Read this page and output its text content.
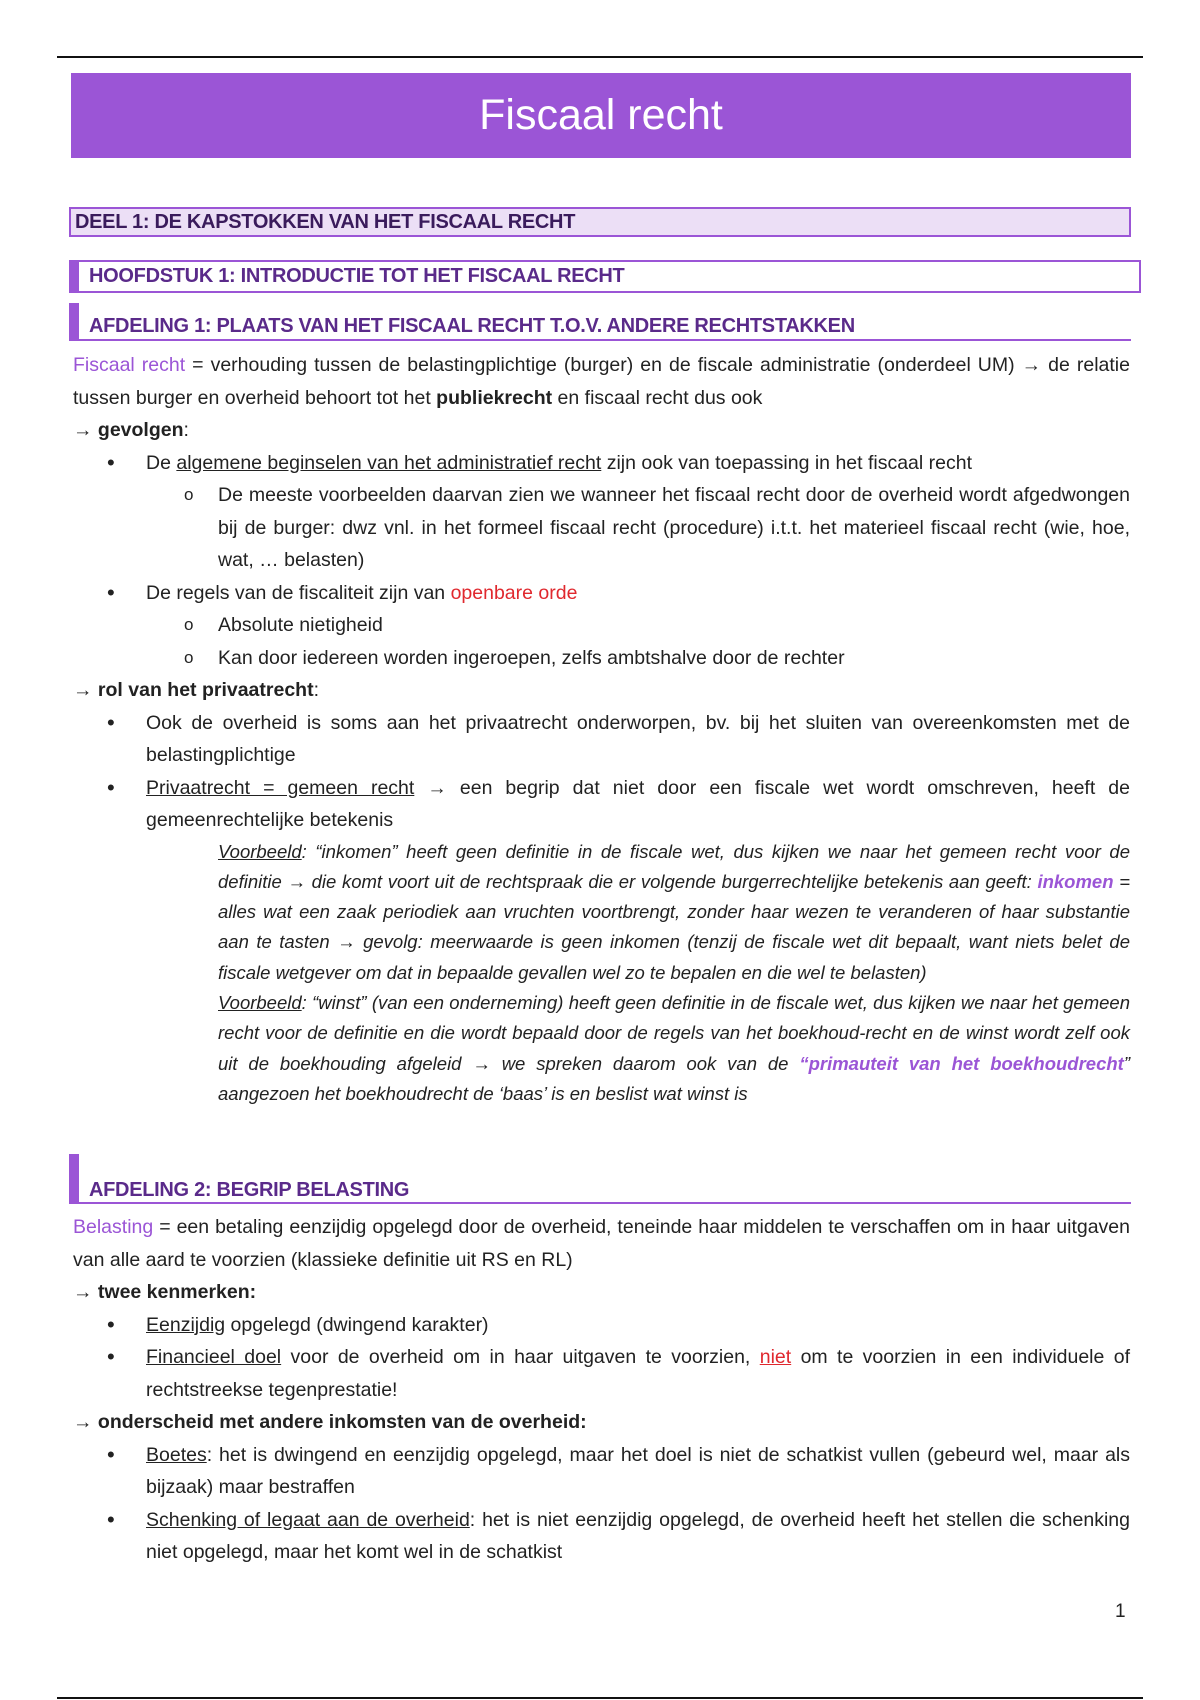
Fiscaal recht
DEEL 1: DE KAPSTOKKEN VAN HET FISCAAL RECHT
HOOFDSTUK 1: INTRODUCTIE TOT HET FISCAAL RECHT
AFDELING 1: PLAATS VAN HET FISCAAL RECHT T.O.V. ANDERE RECHTSTAKKEN

Fiscaal recht = verhouding tussen de belastingplichtige (burger) en de fiscale administratie (onderdeel UM) → de relatie tussen burger en overheid behoort tot het publiekrecht en fiscaal recht dus ook

→ gevolgen:

• De algemene beginselen van het administratief recht zijn ook van toepassing in het fiscaal recht
o De meeste voorbeelden daarvan zien we wanneer het fiscaal recht door de overheid wordt afgedwongen bij de burger: dwz vnl. in het formeel fiscaal recht (procedure) i.t.t. het materieel fiscaal recht (wie, hoe, wat, … belasten)
• De regels van de fiscaliteit zijn van openbare orde
o Absolute nietigheid
o Kan door iedereen worden ingeroepen, zelfs ambtshalve door de rechter

→ rol van het privaatrecht:

• Ook de overheid is soms aan het privaatrecht onderworpen, bv. bij het sluiten van overeenkomsten met de belastingplichtige
• Privaatrecht = gemeen recht → een begrip dat niet door een fiscale wet wordt omschreven, heeft de gemeenrechtelijke betekenis

Voorbeeld: “inkomen” heeft geen definitie in de fiscale wet, dus kijken we naar het gemeen recht voor de definitie → die komt voort uit de rechtspraak die er volgende burgerrechtelijke betekenis aan geeft: inkomen = alles wat een zaak periodiek aan vruchten voortbrengt, zonder haar wezen te veranderen of haar substantie aan te tasten → gevolg: meerwaarde is geen inkomen (tenzij de fiscale wet dit bepaalt, want niets belet de fiscale wetgever om dat in bepaalde gevallen wel zo te bepalen en die wel te belasten)

Voorbeeld: “winst” (van een onderneming) heeft geen definitie in de fiscale wet, dus kijken we naar het gemeen recht voor de definitie en die wordt bepaald door de regels van het boekhoud-recht en de winst wordt zelf ook uit de boekhouding afgeleid → we spreken daarom ook van de “primauteit van het boekhoudrecht” aangezoen het boekhoudrecht de ‘baas’ is en beslist wat winst is

AFDELING 2: BEGRIP BELASTING

Belasting = een betaling eenzijdig opgelegd door de overheid, teneinde haar middelen te verschaffen om in haar uitgaven van alle aard te voorzien (klassieke definitie uit RS en RL)

→ twee kenmerken:

• Eenzijdig opgelegd (dwingend karakter)
• Financieel doel voor de overheid om in haar uitgaven te voorzien, niet om te voorzien in een individuele of rechtstreekse tegenprestatie!

→ onderscheid met andere inkomsten van de overheid:

• Boetes: het is dwingend en eenzijdig opgelegd, maar het doel is niet de schatkist vullen (gebeurd wel, maar als bijzaak) maar bestraffen
• Schenking of legaat aan de overheid: het is niet eenzijdig opgelegd, de overheid heeft het stellen die schenking niet opgelegd, maar het komt wel in de schatkist
1
